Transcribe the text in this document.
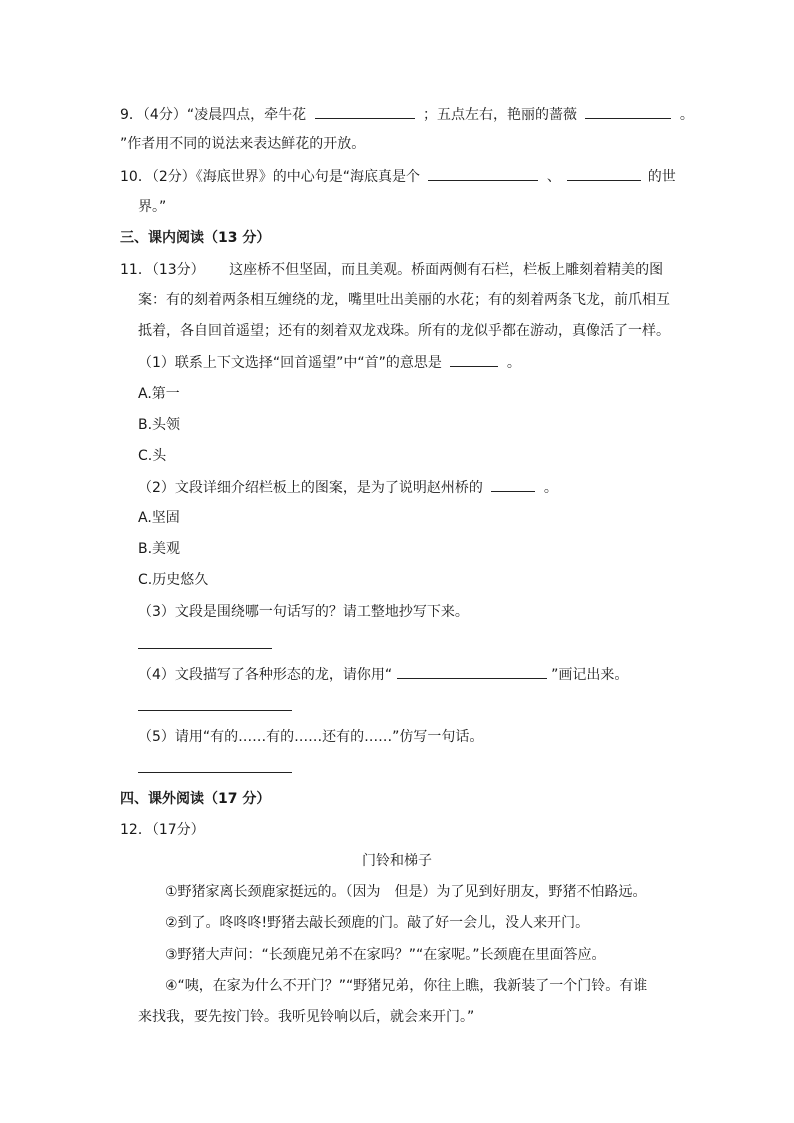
9．（4分）“凌晨四点，牵牛花	；五点左右，艳丽的蔷薇	。
”作者用不同的说法来表达鲜花的开放。
10．（2分）《海底世界》的中心句是“海底真是个	、	的世
界。”
三、课内阅读（13 分）
11．（13分） 这座桥不但坚固，而且美观。桥面两侧有石栏，栏板上雕刻着精美的图
案：有的刻着两条相互缠绕的龙，嘴里吐出美丽的水花；有的刻着两条飞龙，前爪相互
抵着，各自回首遥望；还有的刻着双龙戏珠。所有的龙似乎都在游动，真像活了一样。
（1）联系上下文选择“回首遥望”中“首”的意思是	。
A.第一
B.头领
C.头
（2）文段详细介绍栏板上的图案，是为了说明赵州桥的	。
A.坚固
B.美观
C.历史悠久
（3）文段是围绕哪一句话写的？请工整地抄写下来。
（4）文段描写了各种形态的龙，请你用“	”画记出来。
（5）请用“有的……有的……还有的……”仿写一句话。
四、课外阅读（17 分）
12．（17分）
门铃和梯子
①野猪家离长颈鹿家挺远的。（因为　但是）为了见到好朋友，野猪不怕路远。
②到了。咚咚咚!野猪去敲长颈鹿的门。敲了好一会儿，没人来开门。
③野猪大声问：“长颈鹿兄弟不在家吗？”“在家呢。”长颈鹿在里面答应。
④“咦，在家为什么不开门？”“野猪兄弟，你往上瞧，我新装了一个门铃。有谁
来找我，要先按门铃。我听见铃响以后，就会来开门。”
